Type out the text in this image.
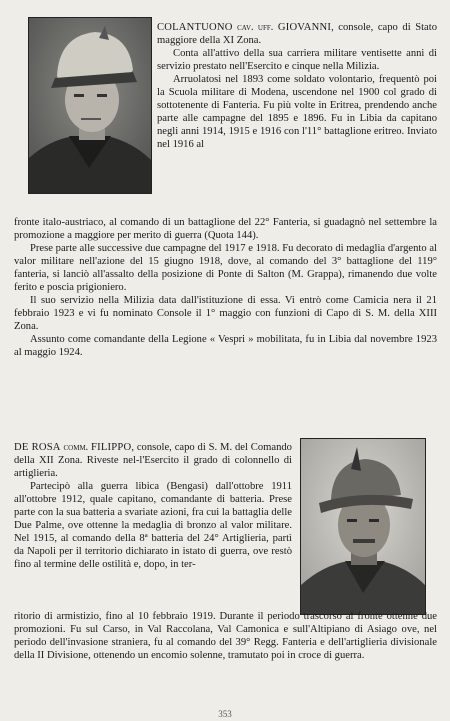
COLANTUONO cav. uff. GIOVANNI, console, capo di Stato maggiore della XI Zona.

Conta all'attivo della sua carriera militare ventisette anni di servizio prestato nell'Esercito e cinque nella Milizia.

Arruolatosi nel 1893 come soldato volontario, frequentò poi la Scuola militare di Modena, uscendone nel 1900 col grado di sottotenente di Fanteria. Fu più volte in Eritrea, prendendo anche parte alle campagne del 1895 e 1896. Fu in Libia da capitano negli anni 1914, 1915 e 1916 con l'11° battaglione eritreo. Inviato nel 1916 al

fronte italo-austriaco, al comando di un battaglione del 22° Fanteria, si guadagnò nel settembre la promozione a maggiore per merito di guerra (Quota 144).

Prese parte alle successive due campagne del 1917 e 1918. Fu decorato di medaglia d'argento al valor militare nell'azione del 15 giugno 1918, dove, al comando del 3° battaglione del 119° fanteria, si lanciò all'assalto della posizione di Ponte di Salton (M. Grappa), rimanendo due volte ferito e poscia prigioniero.

Il suo servizio nella Milizia data dall'istituzione di essa. Vi entrò come Camicia nera il 21 febbraio 1923 e vi fu nominato Console il 1° maggio con funzioni di Capo di S. M. della XIII Zona.

Assunto come comandante della Legione « Vespri » mobilitata, fu in Libia dal novembre 1923 al maggio 1924.

DE ROSA comm. FILIPPO, console, capo di S. M. del Comando della XII Zona. Riveste nel-l'Esercito il grado di colonnello di artiglieria.

Partecipò alla guerra libica (Bengasi) dall'ottobre 1911 all'ottobre 1912, quale capitano, comandante di batteria. Prese parte con la sua batteria a svariate azioni, fra cui la battaglia delle Due Palme, ove ottenne la medaglia di bronzo al valor militare. Nel 1915, al comando della 8ª batteria del 24° Artiglieria, partì da Napoli per il territorio dichiarato in istato di guerra, ove restò fino al termine delle ostilità e, dopo, in ter-

ritorio di armistizio, fino al 10 febbraio 1919. Durante il periodo trascorso al fronte ottenne due promozioni. Fu sul Carso, in Val Raccolana, Val Camonica e sull'Altipiano di Asiago ove, nel periodo dell'invasione straniera, fu al comando del 39° Regg. Fanteria e dell'artiglieria divisionale della II Divisione, ottenendo un encomio solenne, tramutato poi in croce di guerra.

353
